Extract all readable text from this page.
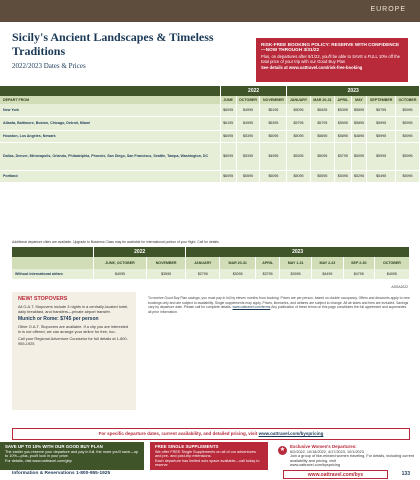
EUROPE
Sicily's Ancient Landscapes & Timeless Traditions
2022/2023 Dates & Prices
RISK-FREE BOOKING POLICY: RESERVE WITH CONFIDENCE—NOW THROUGH 3/31/22
Plus, on departures after 6/1/22, you'll be able to SAVE a FULL 10% off the total price of your trip with our Good Buy Plan
See details at www.oattravel.com/risk-free-booking
	2022			2023					
DEPART FROM	JUNE	OCTOBER	NOVEMBER	JANUARY	MAR 20-31	APRIL	MAY	SEPTEMBER	OCTOBER
New York	$6095	$4995	$5195	$5095	$5495	$5395	$5895	$5795	$5995
Atlanta, Baltimore, Boston, Chicago, Detroit, Miami	$6195	$4995	$5395	$5795	$5795	$5595	$5895	$5995	$5995
Houston, Los Angeles, Newark	$6095	$5395	$5095	$5095	$5695	$5895	$4895	$5995	$5995
Dallas, Denver, Minneapolis, Orlando, Philadelphia, Phoenix, San Diego, San Francisco, Seattle, Tampa, Washington, DC	$6095	$5395	$4995	$5395	$5095	$5795	$5095	$5995	$5995
Portland	$6095	$5595	$5095	$5095	$5595	$5095	$5295	$5495	$5995
Additional departure cities are available. Upgrade to Business Class may be available for international portion of your flight. Call for details.
	2022		2023						
	JUNE, OCTOBER	NOVEMBER	JANUARY	MAR 20-31	APRIL	MAY 1-31	MAY 2-23	SEP 2-30	OCTOBER
Without international airfare	$4095	$3595	$2795	$3095	$3795	$3995	$4495	$4795	$4095
ASSA2022
NEW! STOPOVERS

All O.A.T. Stopovers include 3 nights in a centrally-located hotel, daily breakfast, and transfers—private airport transfer.

Munich or Rome: $745 per person

Other O.A.T. Stopovers are available. If a city you are interested in is not offered, we can arrange your airline for free, too.

Call your Regional Adventure Counselor for full details at 1-800-955-1925

To receive Good Buy Plan savings, you must pay in full by eleven months from booking. Prices are per person, based on double occupancy. Offers and discounts apply to new bookings only and are subject to availability. Single supplements may apply. Prices, itineraries, and airfares are subject to change. All air taxes and fees are included. Savings vary by departure date. Please call for complete details. www.oattravel.com/terms Any publication of these terms on this page constitutes the full agreement and supersedes all prior information.
For specific departure dates, current availability, and detailed pricing, visit www.oattravel.com/byspricing
SAVE UP TO 10% WITH OUR GOOD BUY PLAN
The earlier you reserve your departure and pay in full, the more you'll save—up to 10%—plus, you'll lock in your price.
For details, visit www.oattravel.com/gbp
FREE SINGLE SUPPLEMENTS
We offer FREE Single Supplements on all of our adventures and pre- and post-trip extensions.
Each departure has limited solo space available—call today to reserve
★
Exclusive Women's Departures:
6/2/2022, 10/18/2022, 4/17/2023, 10/1/2023
Join a group of like-minded women traveling. For details, including current availability and pricing, visit
www.oattravel.com/byspricing
Information & Reservations 1-800-955-1925	www.oattravel.com/bys	133
